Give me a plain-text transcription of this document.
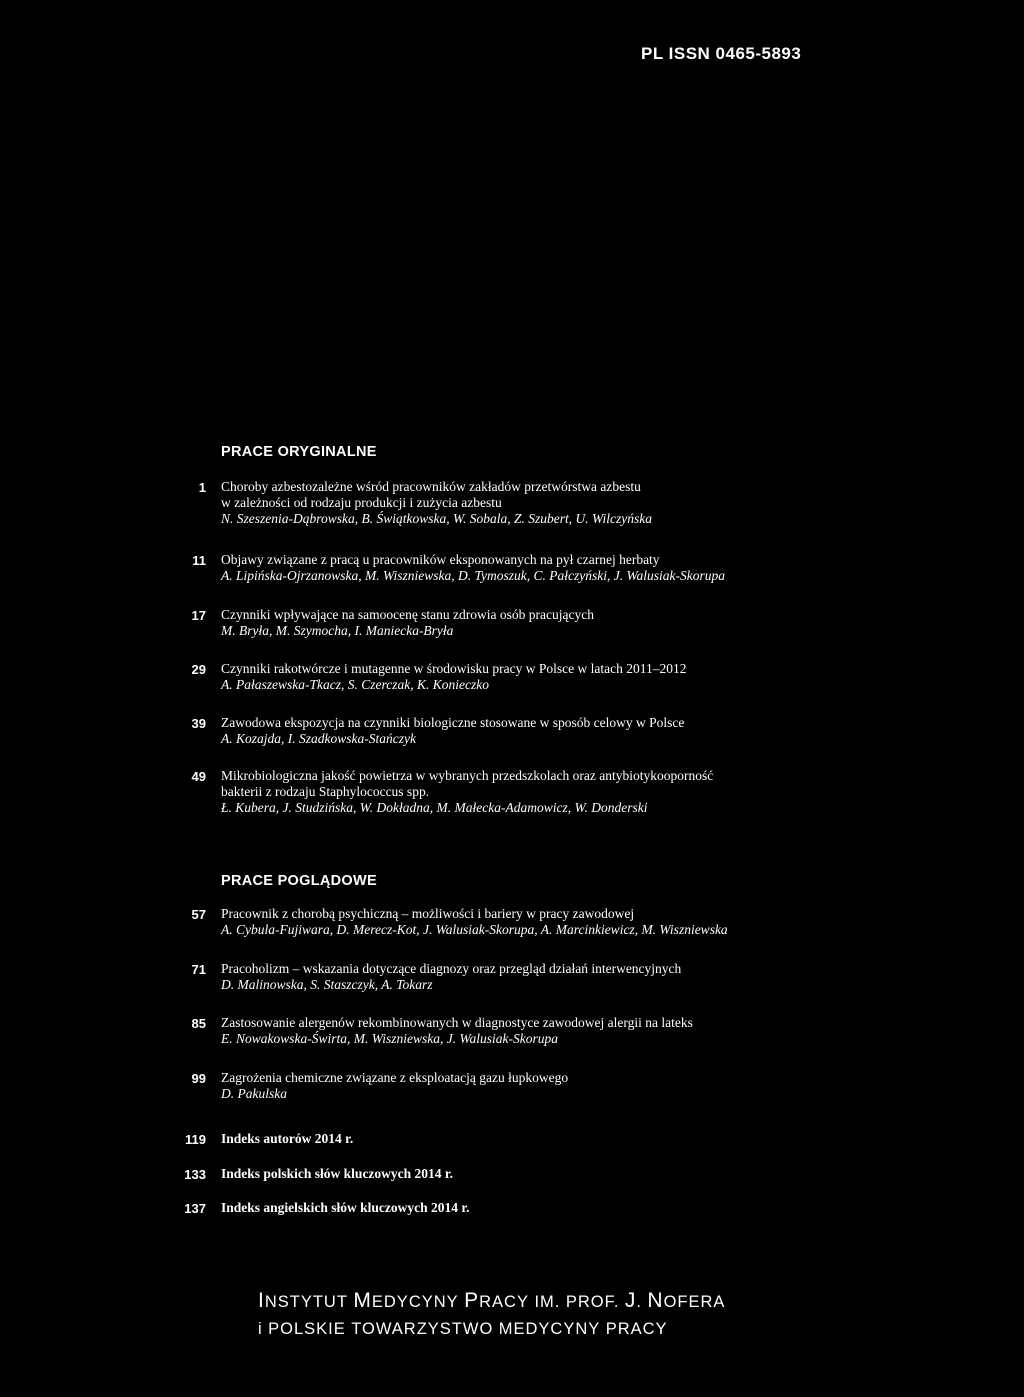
PL ISSN 0465-5893
PRACE ORYGINALNE
1 Choroby azbestozależne wśród pracowników zakładów przetwórstwa azbestu
w zależności od rodzaju produkcji i zużycia azbestu
N. Szeszenia-Dąbrowska, B. Świątkowska, W. Sobala, Z. Szubert, U. Wilczyńska
11 Objawy związane z pracą u pracowników eksponowanych na pył czarnej herbaty
A. Lipińska-Ojrzanowska, M. Wiszniewska, D. Tymoszuk, C. Pałczyński, J. Walusiak-Skorupa
17 Czynniki wpływające na samoocenę stanu zdrowia osób pracujących
M. Bryła, M. Szymocha, I. Maniecka-Bryła
29 Czynniki rakotwórcze i mutagenne w środowisku pracy w Polsce w latach 2011–2012
A. Pałaszewska-Tkacz, S. Czerczak, K. Konieczko
39 Zawodowa ekspozycja na czynniki biologiczne stosowane w sposób celowy w Polsce
A. Kozajda, I. Szadkowska-Stańczyk
49 Mikrobiologiczna jakość powietrza w wybranych przedszkolach oraz antybiotykooporność
bakterii z rodzaju Staphylococcus spp.
Ł. Kubera, J. Studzińska, W. Dokładna, M. Małecka-Adamowicz, W. Donderski
PRACE POGLĄDOWE
57 Pracownik z chorobą psychiczną – możliwości i bariery w pracy zawodowej
A. Cybula-Fujiwara, D. Merecz-Kot, J. Walusiak-Skorupa, A. Marcinkiewicz, M. Wiszniewska
71 Pracoholizm – wskazania dotyczące diagnozy oraz przegląd działań interwencyjnych
D. Malinowska, S. Staszczyk, A. Tokarz
85 Zastosowanie alergenów rekombinowanych w diagnostyce zawodowej alergii na lateks
E. Nowakowska-Świrta, M. Wiszniewska, J. Walusiak-Skorupa
99 Zagrożenia chemiczne związane z eksploatacją gazu łupkowego
D. Pakulska
119 Indeks autorów 2014 r.
133 Indeks polskich słów kluczowych 2014 r.
137 Indeks angielskich słów kluczowych 2014 r.
INSTYTUT MEDYCYNY PRACY IM. PROF. J. NOFERA
i POLSKIE TOWARZYSTWO MEDYCYNY PRACY
